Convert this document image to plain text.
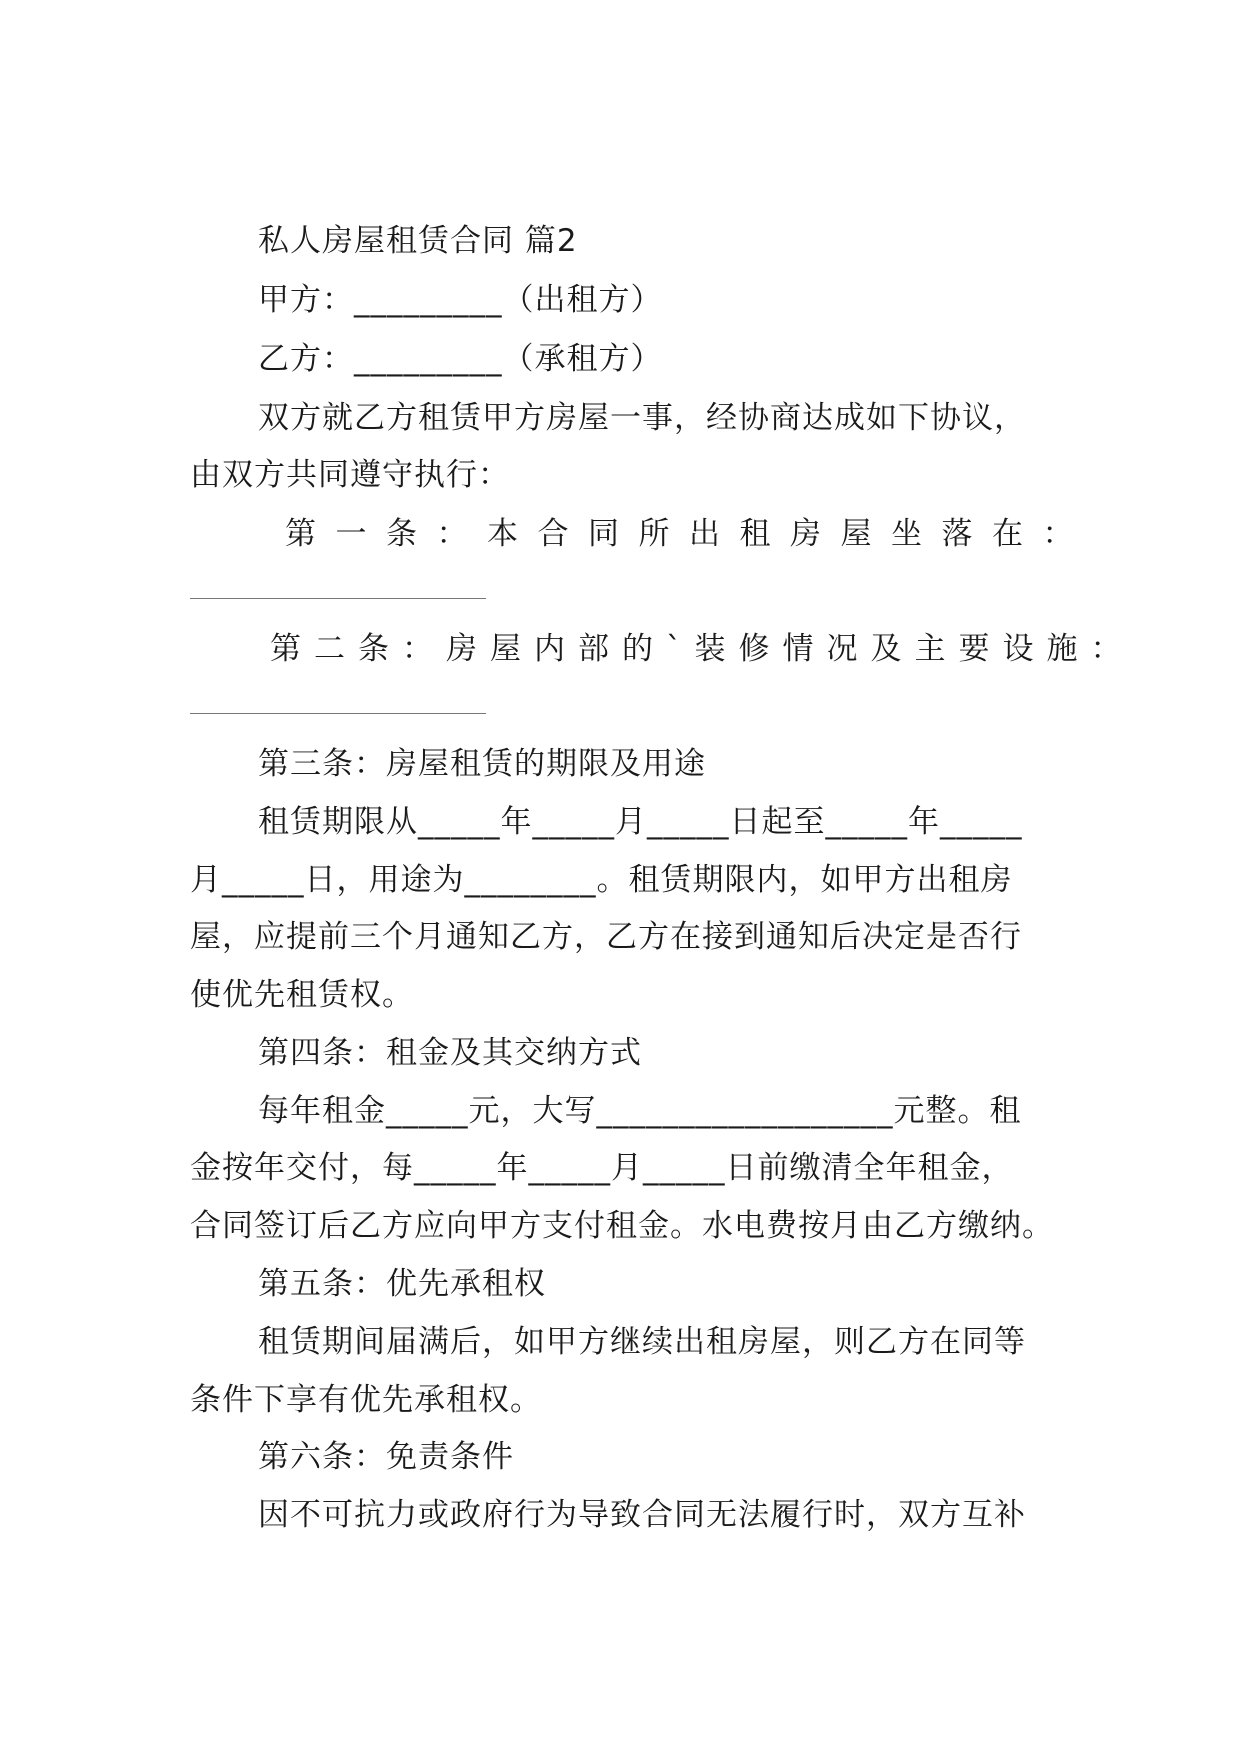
私人房屋租赁合同 篇2
甲方：_________（出租方）
乙方：_________（承租方）
双方就乙方租赁甲方房屋一事，经协商达成如下协议，
由双方共同遵守执行：
第一条：本合同所出租房屋坐落在：
第二条：房屋内部的`装修情况及主要设施：
第三条：房屋租赁的期限及用途
租赁期限从_____年_____月_____日起至_____年_____
月_____日，用途为________。租赁期限内，如甲方出租房
屋，应提前三个月通知乙方，乙方在接到通知后决定是否行
使优先租赁权。
第四条：租金及其交纳方式
每年租金_____元，大写__________________元整。租
金按年交付，每_____年_____月_____日前缴清全年租金，
合同签订后乙方应向甲方支付租金。水电费按月由乙方缴纳。
第五条：优先承租权
租赁期间届满后，如甲方继续出租房屋，则乙方在同等
条件下享有优先承租权。
第六条：免责条件
因不可抗力或政府行为导致合同无法履行时，双方互补
